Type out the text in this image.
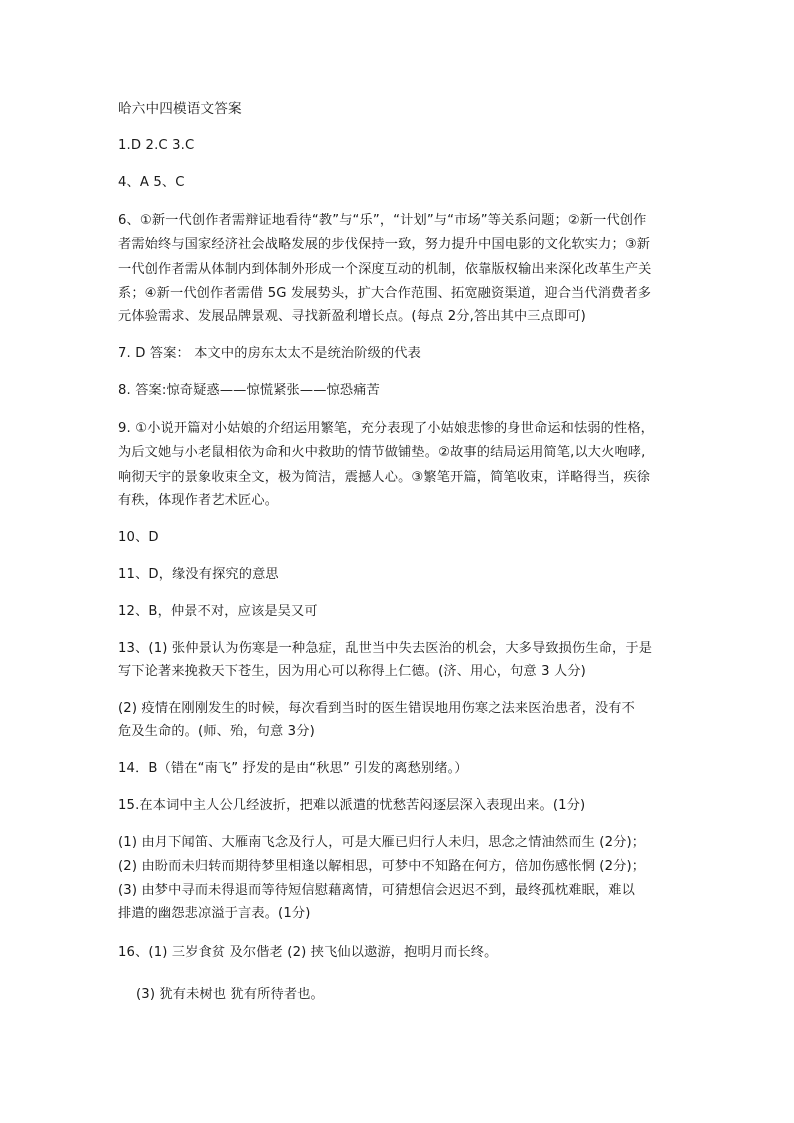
哈六中四模语文答案
1.D 2.C 3.C
4、A 5、C
6、①新一代创作者需辩证地看待“教”与“乐”，“计划”与“市场”等关系问题；②新一代创作
者需始终与国家经济社会战略发展的步伐保持一致，努力提升中国电影的文化软实力；③新
一代创作者需从体制内到体制外形成一个深度互动的机制，依靠版权输出来深化改革生产关
系；④新一代创作者需借 5G 发展势头，扩大合作范围、拓宽融资渠道，迎合当代消费者多
元体验需求、发展品牌景观、寻找新盈利增长点。(每点 2分,答出其中三点即可)
7. D 答案： 本文中的房东太太不是统治阶级的代表
8. 答案:惊奇疑惑——惊慌紧张——惊恐痛苦
9. ①小说开篇对小姑娘的介绍运用繁笔，充分表现了小姑娘悲惨的身世命运和怯弱的性格，
为后文她与小老鼠相依为命和火中救助的情节做铺垫。②故事的结局运用简笔,以大火咆哮,
响彻天宇的景象收束全文，极为简洁，震撼人心。③繁笔开篇，简笔收束，详略得当，疾徐
有秩，体现作者艺术匠心。
10、D
11、D，缘没有探究的意思
12、B，仲景不对，应该是吴又可
13、(1) 张仲景认为伤寒是一种急症，乱世当中失去医治的机会，大多导致损伤生命，于是
写下论著来挽救天下苍生，因为用心可以称得上仁德。(济、用心，句意 3 人分)
(2) 疫情在刚刚发生的时候，每次看到当时的医生错误地用伤寒之法来医治患者，没有不
危及生命的。(师、殆，句意 3分)
14．B（错在“南飞” 抒发的是由“秋思” 引发的离愁别绪。）
15.在本词中主人公几经波折，把难以派遣的忧愁苦闷逐层深入表现出来。(1分)
(1) 由月下闻笛、大雁南飞念及行人，可是大雁已归行人未归，思念之情油然而生 (2分)；
(2) 由盼而未归转而期待梦里相逢以解相思，可梦中不知路在何方，倍加伤感怅惘 (2分)；
(3) 由梦中寻而未得退而等待短信慰藉离情，可猜想信会迟迟不到，最终孤枕难眠，难以
排遣的幽怨悲凉溢于言表。(1分)
16、(1) 三岁食贫 及尔偕老 (2) 挟飞仙以遨游，抱明月而长终。
(3) 犹有未树也 犹有所待者也。
